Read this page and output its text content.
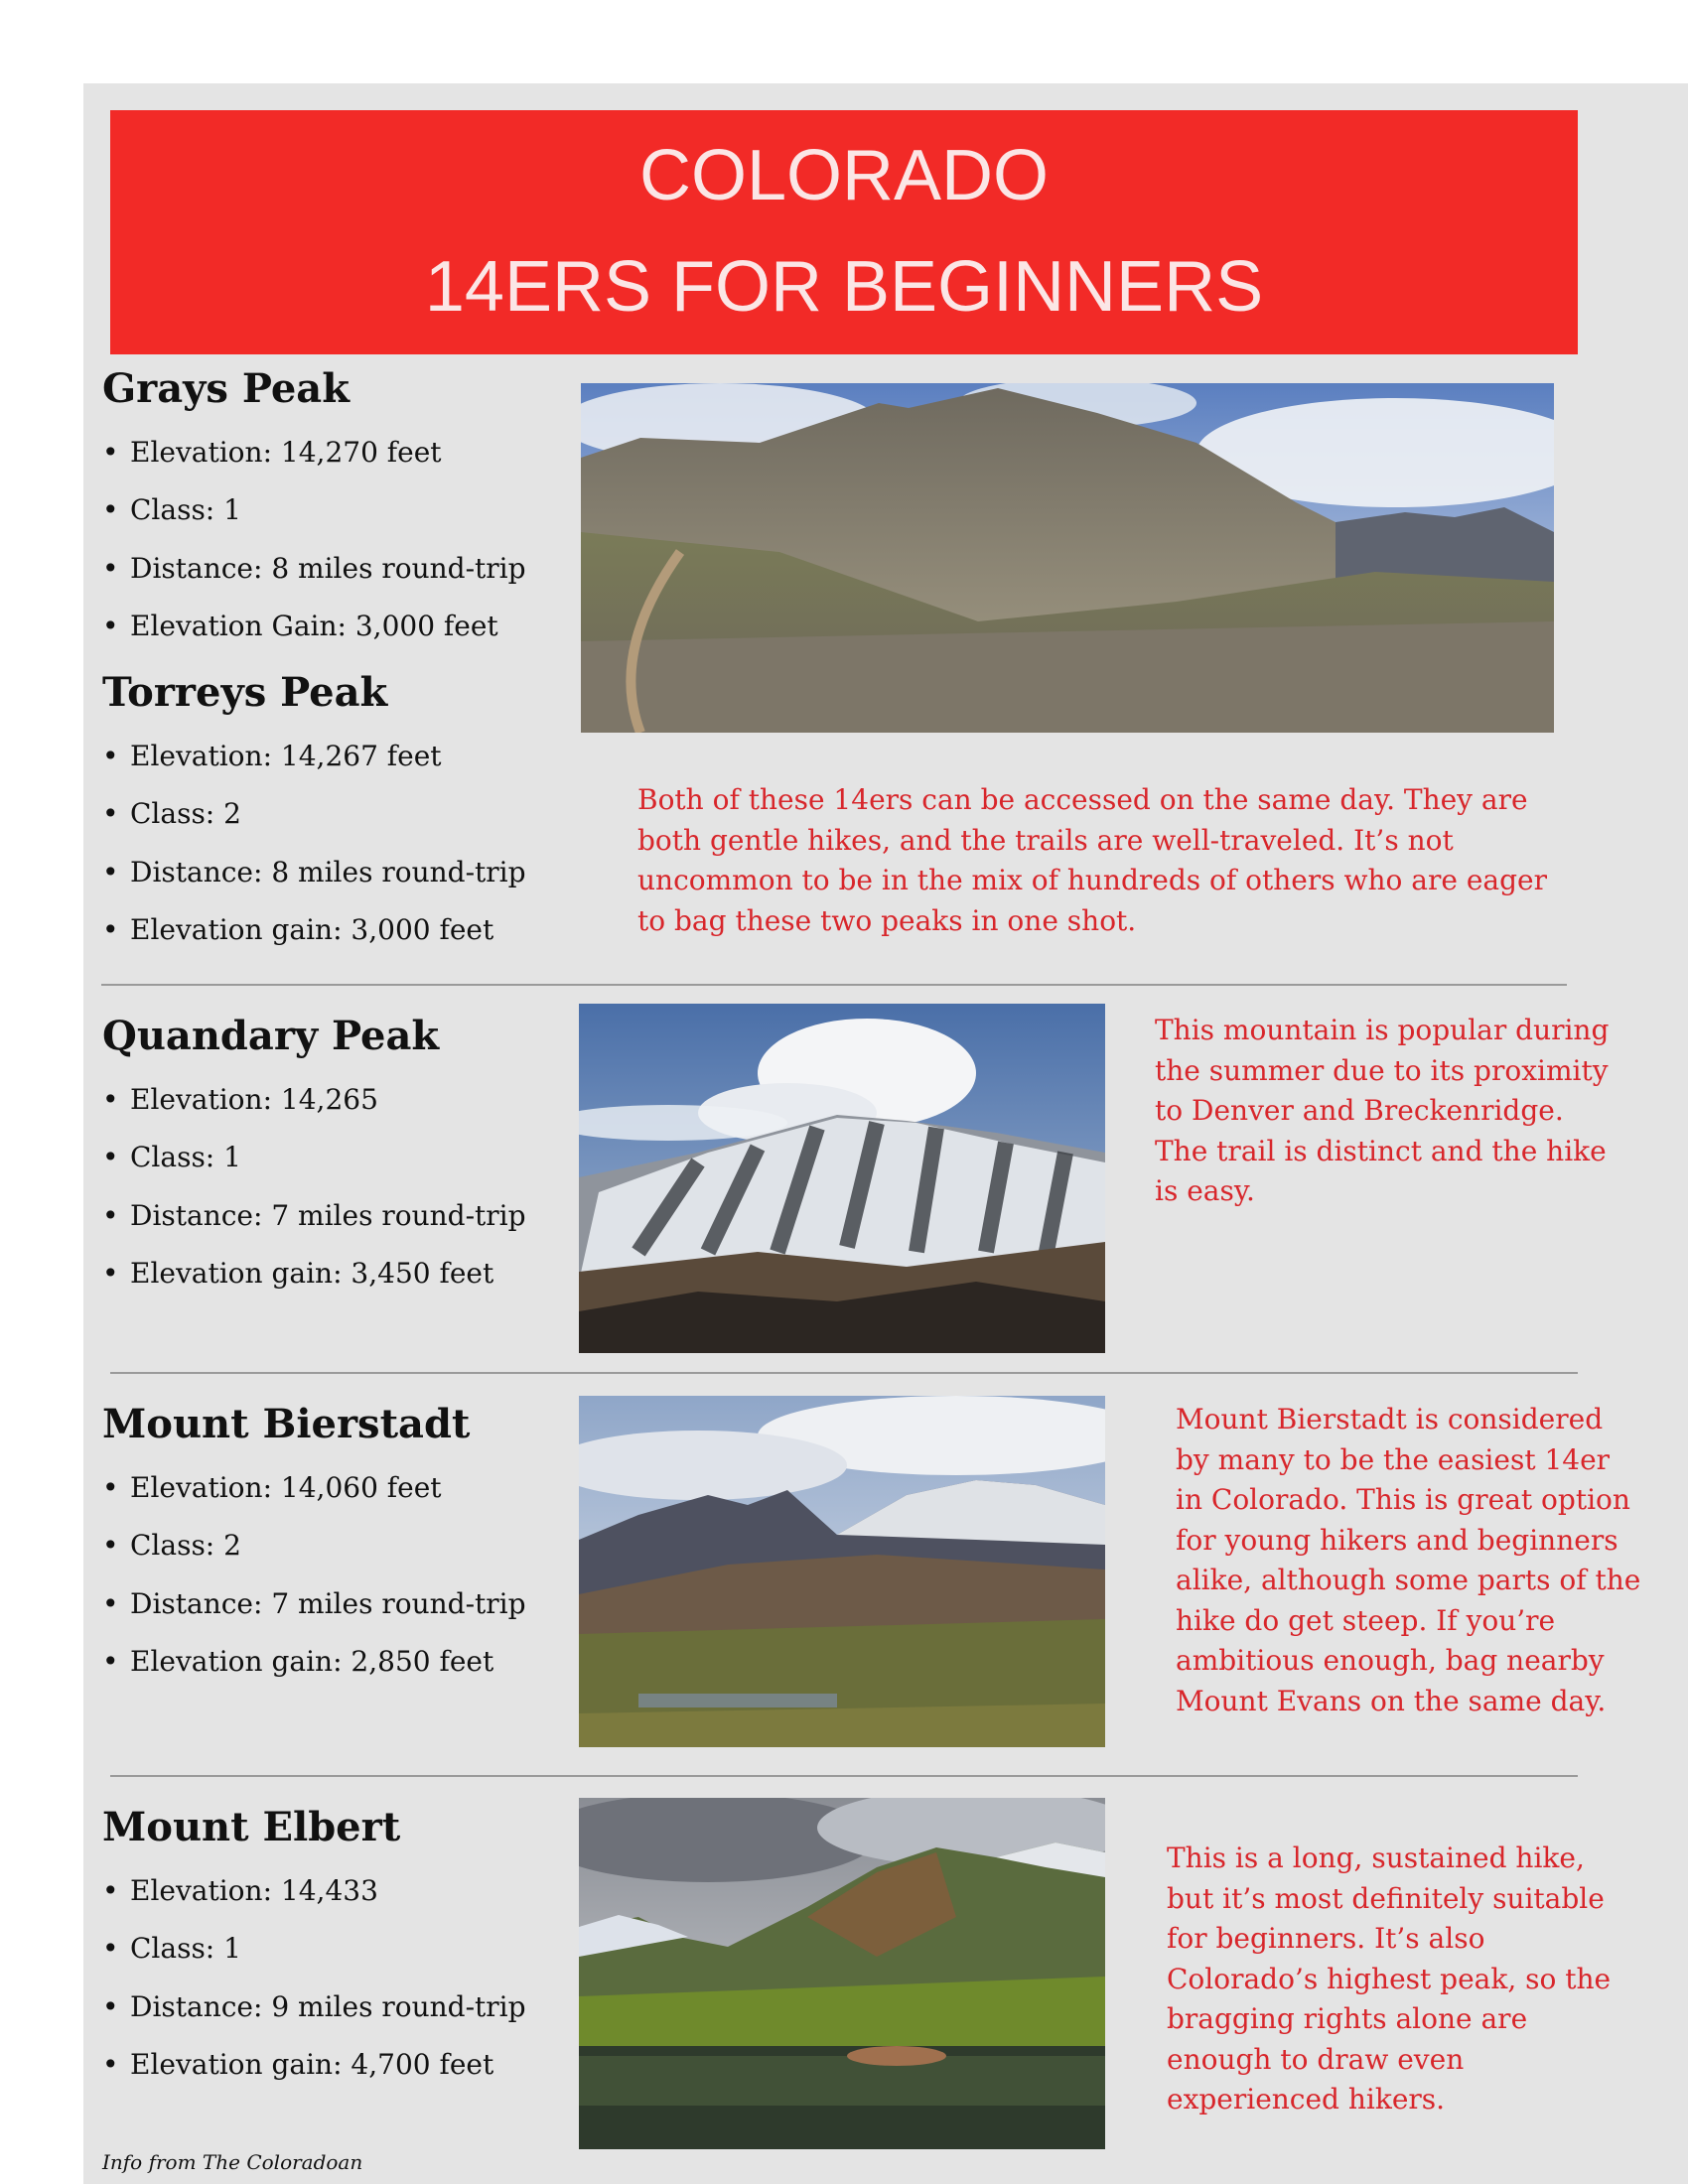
COLORADO
14ERS FOR BEGINNERS
Grays Peak
• Elevation: 14,270 feet
• Class: 1
• Distance: 8 miles round-trip
• Elevation Gain: 3,000 feet
Torreys Peak
• Elevation: 14,267 feet
• Class: 2
• Distance: 8 miles round-trip
• Elevation gain: 3,000 feet

Both of these 14ers can be accessed on the same day. They are both gentle hikes, and the trails are well-traveled. It’s not uncommon to be in the mix of hundreds of others who are eager to bag these two peaks in one shot.

Quandary Peak
• Elevation: 14,265
• Class: 1
• Distance: 7 miles round-trip
• Elevation gain: 3,450 feet

This mountain is popular during the summer due to its proximity to Denver and Breckenridge. The trail is distinct and the hike is easy.

Mount Bierstadt
• Elevation: 14,060 feet
• Class: 2
• Distance: 7 miles round-trip
• Elevation gain: 2,850 feet

Mount Bierstadt is considered by many to be the easiest 14er in Colorado. This is great option for young hikers and beginners alike, although some parts of the hike do get steep. If you’re ambitious enough, bag nearby Mount Evans on the same day.

Mount Elbert
• Elevation: 14,433
• Class: 1
• Distance: 9 miles round-trip
• Elevation gain: 4,700 feet

This is a long, sustained hike, but it’s most definitely suitable for beginners. It’s also Colorado’s highest peak, so the bragging rights alone are enough to draw even experienced hikers.

Info from The Coloradoan
